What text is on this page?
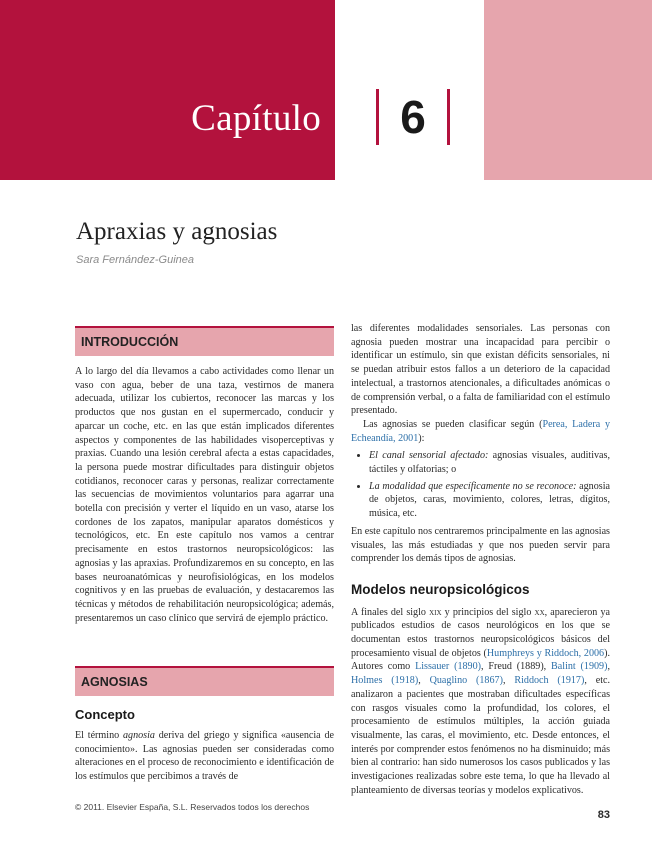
Capítulo	6
Apraxias y agnosias
Sara Fernández-Guinea
INTRODUCCIÓN

A lo largo del día llevamos a cabo actividades como llenar un vaso con agua, beber de una taza, vestirnos de manera adecuada, utilizar los cubiertos, reconocer las marcas y los productos que nos gustan en el supermercado, conducir y aparcar un coche, etc. en las que están implicados diferentes aspectos y componentes de las habilidades visoperceptivas y praxias. Cuando una lesión cerebral afecta a estas capacidades, la persona puede mostrar dificultades para distinguir objetos cotidianos, reconocer caras y personas, realizar correctamente las secuencias de movimientos voluntarios para agarrar una botella con precisión y verter el líquido en un vaso, atarse los cordones de los zapatos, manipular aparatos domésticos y tecnológicos, etc. En este capítulo nos vamos a centrar precisamente en estos trastornos neuropsicológicos: las agnosias y las apraxias. Profundizaremos en su concepto, en las bases neuroanatómicas y neurofisiológicas, en los modelos cognitivos y en las pruebas de evaluación, y destacaremos las técnicas y métodos de rehabilitación neuropsicológica; además, presentaremos un caso clínico que servirá de ejemplo práctico.

AGNOSIAS
Concepto

El término agnosia deriva del griego y significa «ausencia de conocimiento». Las agnosias pueden ser consideradas como alteraciones en el proceso de reconocimiento e identificación de los estímulos que percibimos a través de

las diferentes modalidades sensoriales. Las personas con agnosia pueden mostrar una incapacidad para percibir o identificar un estímulo, sin que existan déficits sensoriales, ni se puedan atribuir estos fallos a un deterioro de la capacidad intelectual, a trastornos atencionales, a dificultades anómicas o de comprensión verbal, o a falta de familiaridad con el estímulo presentado.

Las agnosias se pueden clasificar según (Perea, Ladera y Echeandía, 2001):

• El canal sensorial afectado: agnosias visuales, auditivas, táctiles y olfatorias; o
• La modalidad que específicamente no se reconoce: agnosia de objetos, caras, movimiento, colores, letras, dígitos, música, etc.

En este capítulo nos centraremos principalmente en las agnosias visuales, las más estudiadas y que nos pueden servir para comprender los demás tipos de agnosias.

Modelos neuropsicológicos

A finales del siglo xix y principios del siglo xx, aparecieron ya publicados estudios de casos neurológicos en los que se documentan estos trastornos neuropsicológicos básicos del procesamiento visual de objetos (Humphreys y Riddoch, 2006). Autores como Lissauer (1890), Freud (1889), Balint (1909), Holmes (1918), Quaglino (1867), Riddoch (1917), etc. analizaron a pacientes que mostraban dificultades específicas con rasgos visuales como la profundidad, los colores, el procesamiento de estímulos múltiples, la acción guiada visualmente, las caras, el movimiento, etc. Desde entonces, el interés por comprender estos fenómenos no ha disminuido; más bien al contrario: han sido numerosos los casos publicados y las investigaciones realizadas sobre este tema, lo que ha llevado al planteamiento de diversas teorías y modelos explicativos.

© 2011. Elsevier España, S.L. Reservados todos los derechos
83
